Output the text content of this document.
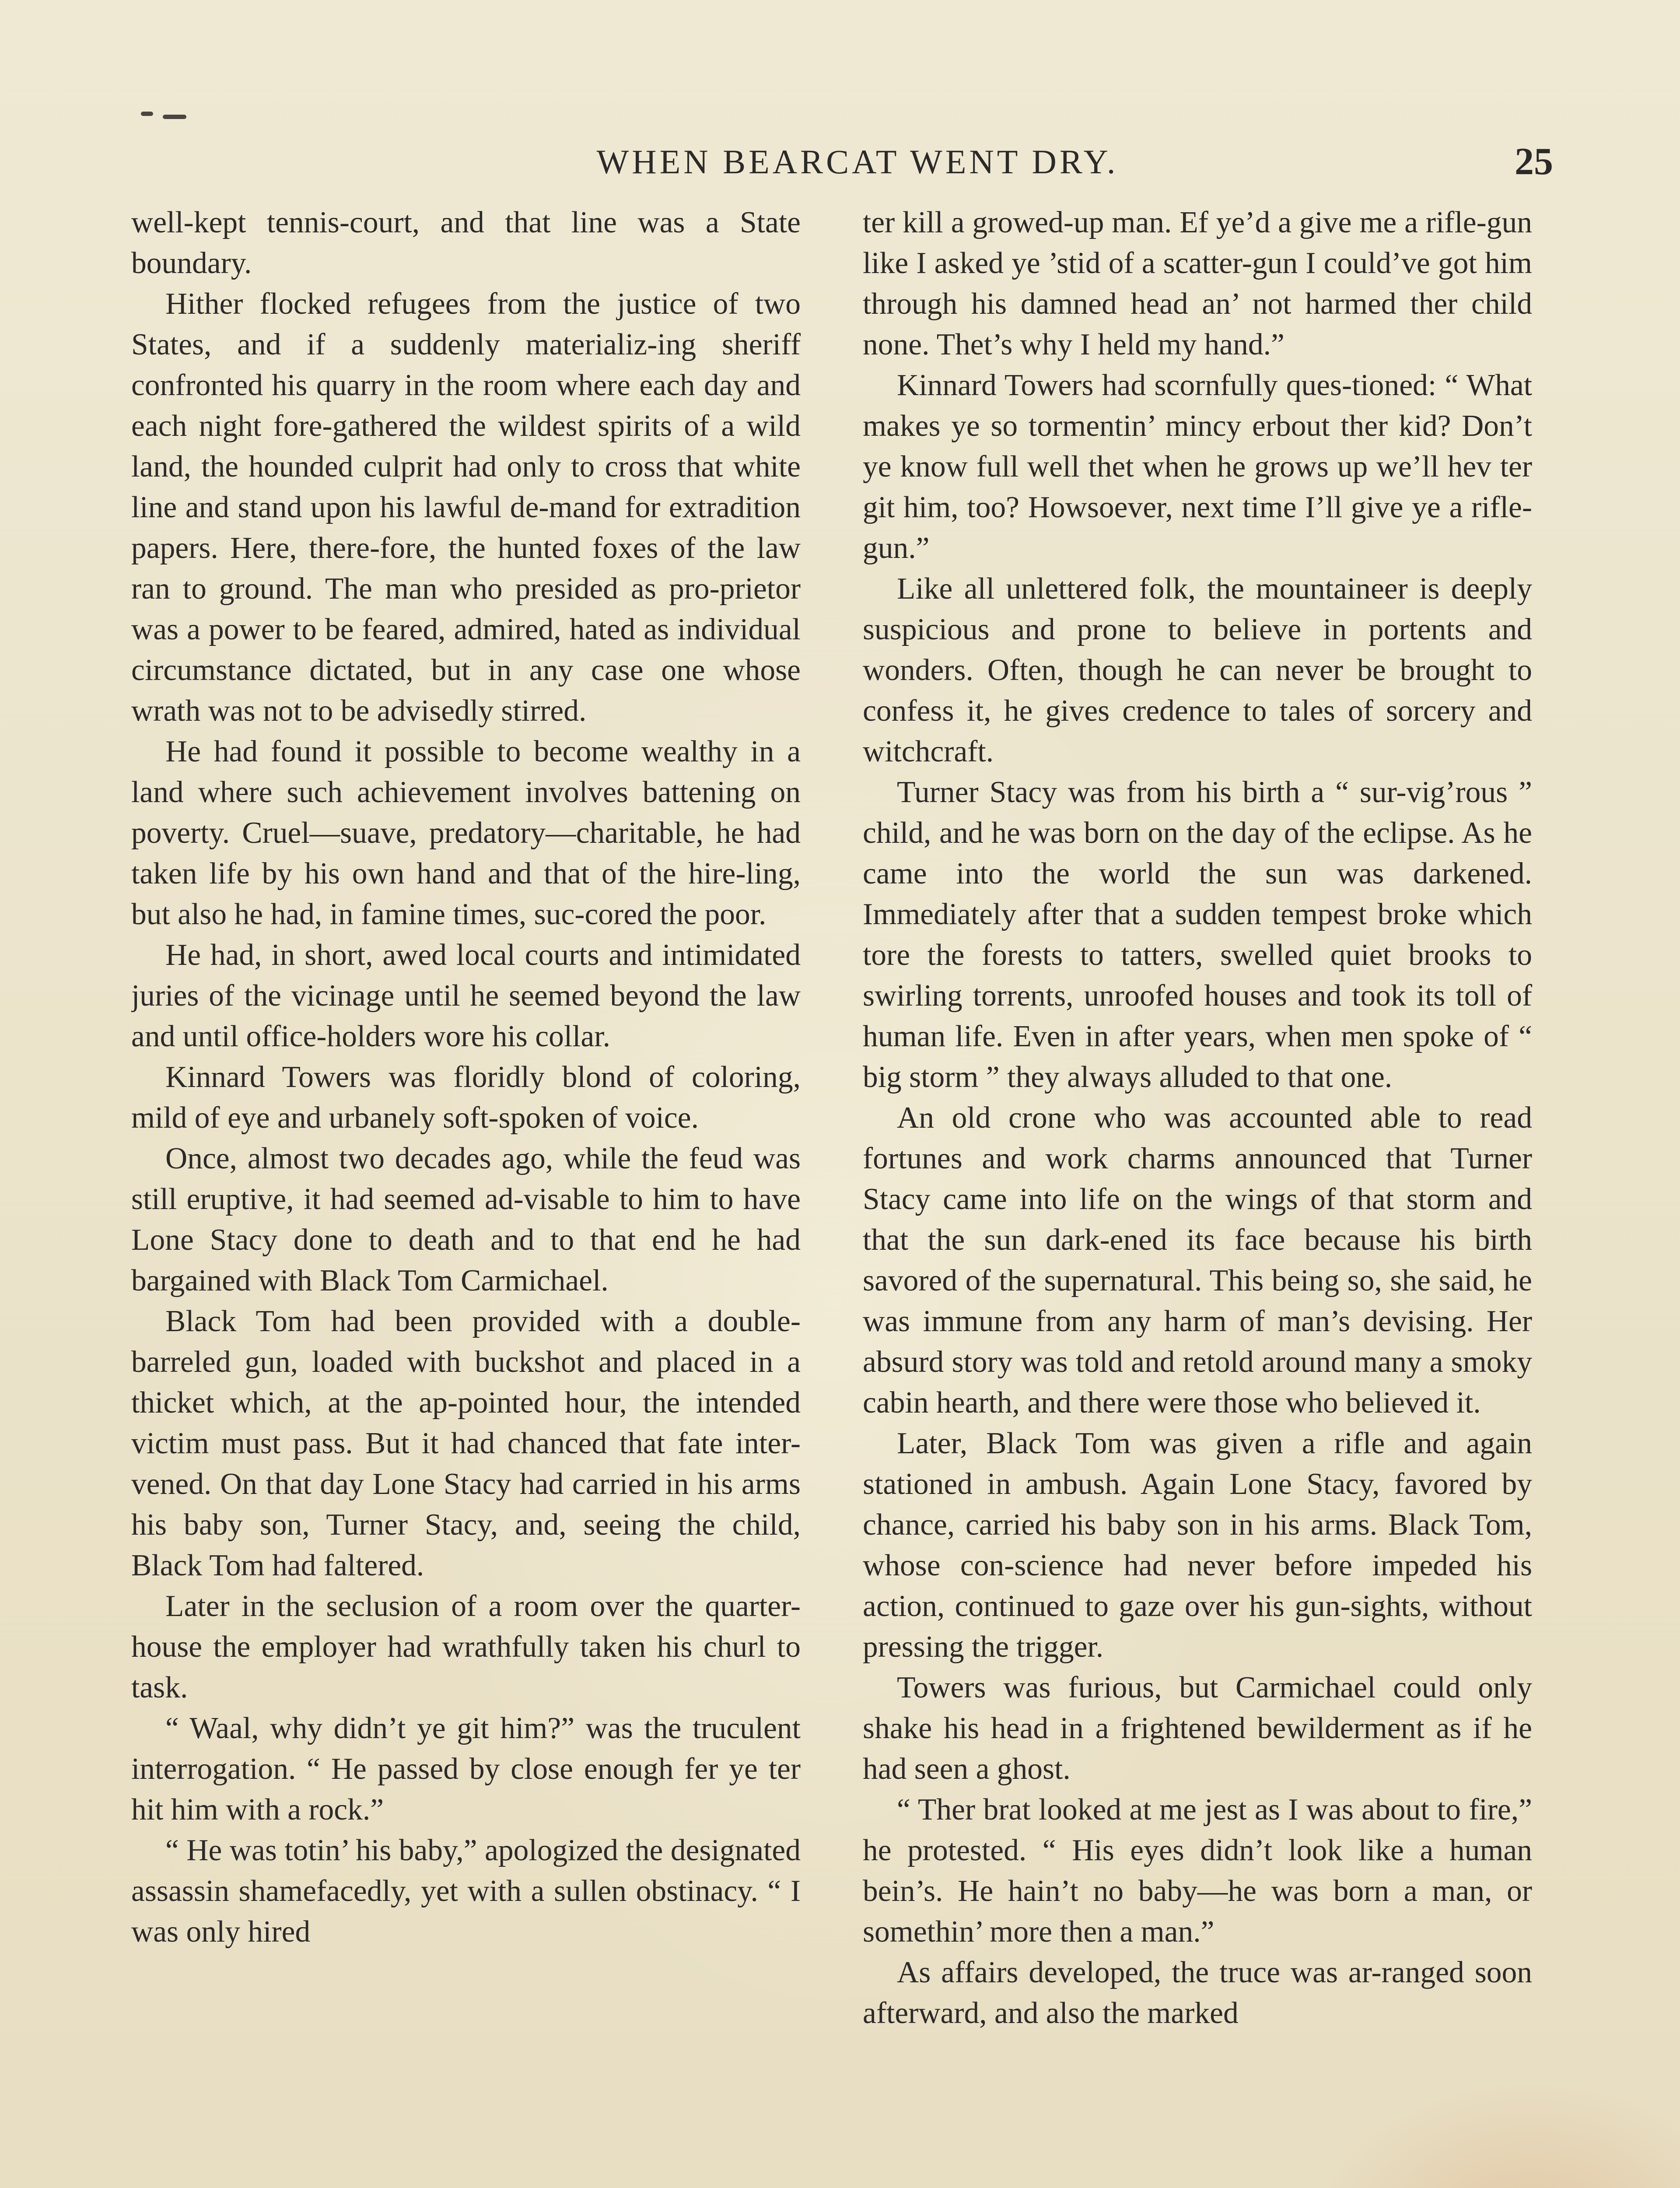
WHEN BEARCAT WENT DRY.	25

well-kept tennis-court, and that line was a State boundary.

Hither flocked refugees from the justice of two States, and if a suddenly materializ-ing sheriff confronted his quarry in the room where each day and each night fore-gathered the wildest spirits of a wild land, the hounded culprit had only to cross that white line and stand upon his lawful de-mand for extradition papers. Here, there-fore, the hunted foxes of the law ran to ground. The man who presided as pro-prietor was a power to be feared, admired, hated as individual circumstance dictated, but in any case one whose wrath was not to be advisedly stirred.

He had found it possible to become wealthy in a land where such achievement involves battening on poverty. Cruel—suave, predatory—charitable, he had taken life by his own hand and that of the hire-ling, but also he had, in famine times, suc-cored the poor.

He had, in short, awed local courts and intimidated juries of the vicinage until he seemed beyond the law and until office-holders wore his collar.

Kinnard Towers was floridly blond of coloring, mild of eye and urbanely soft-spoken of voice.

Once, almost two decades ago, while the feud was still eruptive, it had seemed ad-visable to him to have Lone Stacy done to death and to that end he had bargained with Black Tom Carmichael.

Black Tom had been provided with a double-barreled gun, loaded with buckshot and placed in a thicket which, at the ap-pointed hour, the intended victim must pass. But it had chanced that fate inter-vened. On that day Lone Stacy had carried in his arms his baby son, Turner Stacy, and, seeing the child, Black Tom had faltered.

Later in the seclusion of a room over the quarter-house the employer had wrathfully taken his churl to task.

“ Waal, why didn’t ye git him?” was the truculent interrogation. “ He passed by close enough fer ye ter hit him with a rock.”

“ He was totin’ his baby,” apologized the designated assassin shamefacedly, yet with a sullen obstinacy. “ I was only hired

ter kill a growed-up man. Ef ye’d a give me a rifle-gun like I asked ye ’stid of a scatter-gun I could’ve got him through his damned head an’ not harmed ther child none. Thet’s why I held my hand.”

Kinnard Towers had scornfully ques-tioned: “ What makes ye so tormentin’ mincy erbout ther kid? Don’t ye know full well thet when he grows up we’ll hev ter git him, too? Howsoever, next time I’ll give ye a rifle-gun.”

Like all unlettered folk, the mountaineer is deeply suspicious and prone to believe in portents and wonders. Often, though he can never be brought to confess it, he gives credence to tales of sorcery and witchcraft.

Turner Stacy was from his birth a “ sur-vig’rous ” child, and he was born on the day of the eclipse. As he came into the world the sun was darkened. Immediately after that a sudden tempest broke which tore the forests to tatters, swelled quiet brooks to swirling torrents, unroofed houses and took its toll of human life. Even in after years, when men spoke of “ big storm ” they always alluded to that one.

An old crone who was accounted able to read fortunes and work charms announced that Turner Stacy came into life on the wings of that storm and that the sun dark-ened its face because his birth savored of the supernatural. This being so, she said, he was immune from any harm of man’s devising. Her absurd story was told and retold around many a smoky cabin hearth, and there were those who believed it.

Later, Black Tom was given a rifle and again stationed in ambush. Again Lone Stacy, favored by chance, carried his baby son in his arms. Black Tom, whose con-science had never before impeded his action, continued to gaze over his gun-sights, without pressing the trigger.

Towers was furious, but Carmichael could only shake his head in a frightened bewilderment as if he had seen a ghost.

“ Ther brat looked at me jest as I was about to fire,” he protested. “ His eyes didn’t look like a human bein’s. He hain’t no baby—he was born a man, or somethin’ more then a man.”

As affairs developed, the truce was ar-ranged soon afterward, and also the marked
